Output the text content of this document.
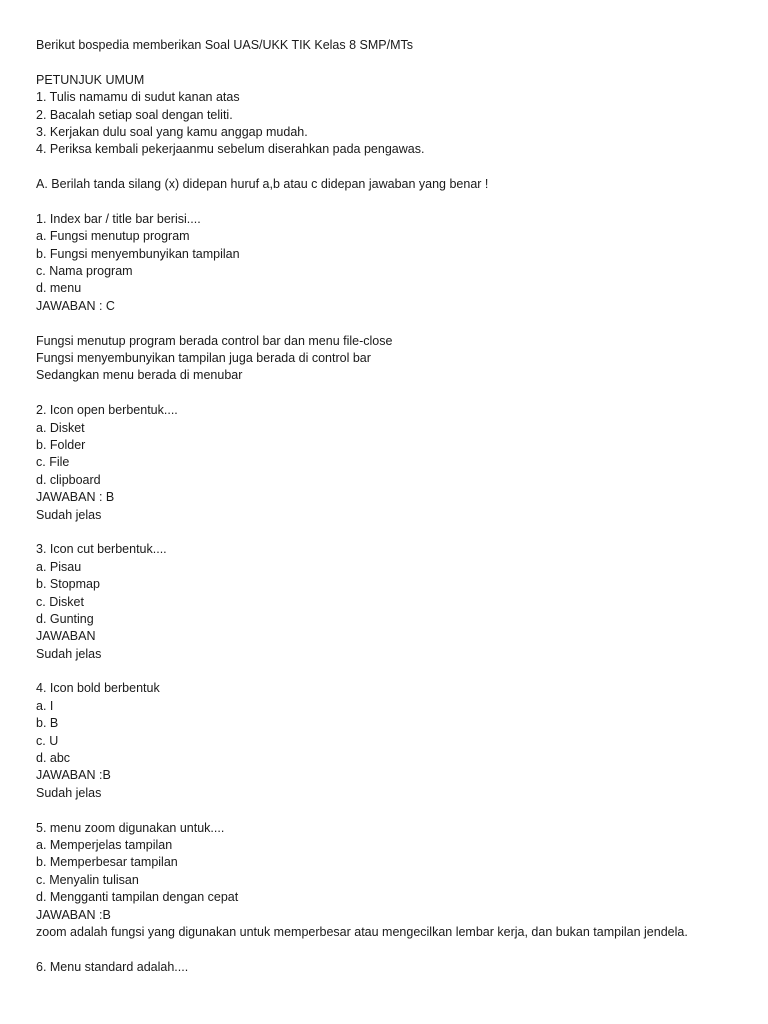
Berikut bospedia memberikan Soal UAS/UKK TIK Kelas 8 SMP/MTs
PETUNJUK UMUM
1. Tulis namamu di sudut kanan atas
2. Bacalah setiap soal dengan teliti.
3. Kerjakan dulu soal yang kamu anggap mudah.
4. Periksa kembali pekerjaanmu sebelum diserahkan pada pengawas.
A. Berilah tanda silang (x) didepan huruf a,b atau c didepan jawaban yang benar !
1. Index bar / title bar berisi....
a. Fungsi menutup program
b. Fungsi menyembunyikan tampilan
c. Nama program
d. menu
JAWABAN : C
Fungsi menutup program berada control bar dan menu file-close
Fungsi menyembunyikan tampilan juga berada di control bar
Sedangkan menu berada di menubar
2. Icon open berbentuk....
a. Disket
b. Folder
c. File
d. clipboard
JAWABAN : B
Sudah jelas
3. Icon cut berbentuk....
a. Pisau
b. Stopmap
c. Disket
d. Gunting
JAWABAN
Sudah jelas
4. Icon bold berbentuk
a. I
b. B
c. U
d. abc
JAWABAN :B
Sudah jelas
5. menu zoom digunakan untuk....
a. Memperjelas tampilan
b. Memperbesar tampilan
c. Menyalin tulisan
d. Mengganti tampilan dengan cepat
JAWABAN :B
zoom adalah fungsi yang digunakan untuk memperbesar atau mengecilkan lembar kerja, dan bukan tampilan jendela.
6. Menu standard adalah....
